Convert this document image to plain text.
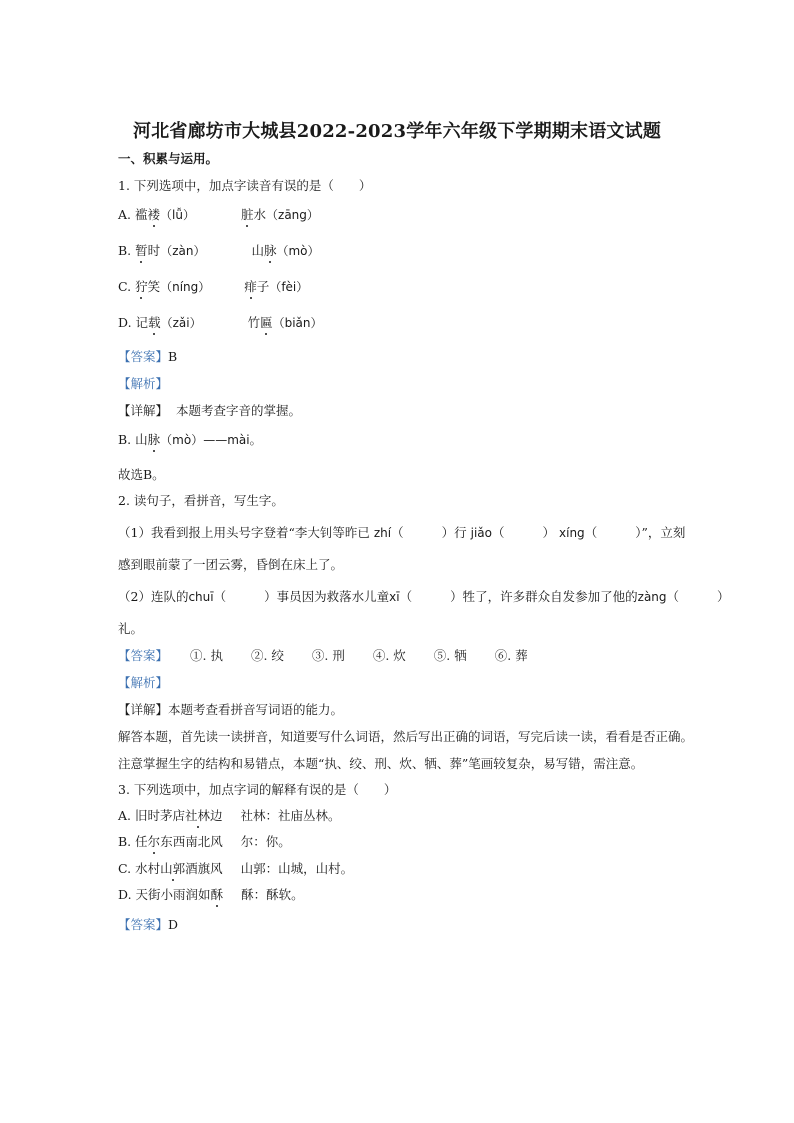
河北省廊坊市大城县2022-2023学年六年级下学期期末语文试题
一、积累与运用。
1. 下列选项中，加点字读音有误的是（　　）
A. 褴褛（lǚ）	脏水（zāng）
B. 暂时（zàn）	山脉（mò）
C. 狞笑（níng）	痱子（fèi）
D. 记载（zǎi）	竹匾（biǎn）
【答案】B
【解析】
【详解】 本题考查字音的掌握。
B. 山脉（mò）——mài。
故选B。
2. 读句子，看拼音，写生字。
（1）我看到报上用头号字登着“李大钊等昨已 zhí（	）行 jiǎo（	） xíng（	）”，立刻
感到眼前蒙了一团云雾，昏倒在床上了。
（2）连队的chuī（	）事员因为救落水儿童xī（	）牲了，许多群众自发参加了他的zàng（	）
礼。
【答案】 ①. 执 ②. 绞 ③. 刑 ④. 炊 ⑤. 牺 ⑥. 葬
【解析】
【详解】本题考查看拼音写词语的能力。
解答本题，首先读一读拼音，知道要写什么词语，然后写出正确的词语，写完后读一读，看看是否正确。
注意掌握生字的结构和易错点，本题“执、绞、刑、炊、牺、葬”笔画较复杂，易写错，需注意。
3. 下列选项中，加点字词的解释有误的是（　　）
A. 旧时茅店社林边 社林：社庙丛林。
B. 任尔东西南北风 尔：你。
C. 水村山郭酒旗风 山郭：山城，山村。
D. 天街小雨润如酥 酥：酥软。
【答案】D
